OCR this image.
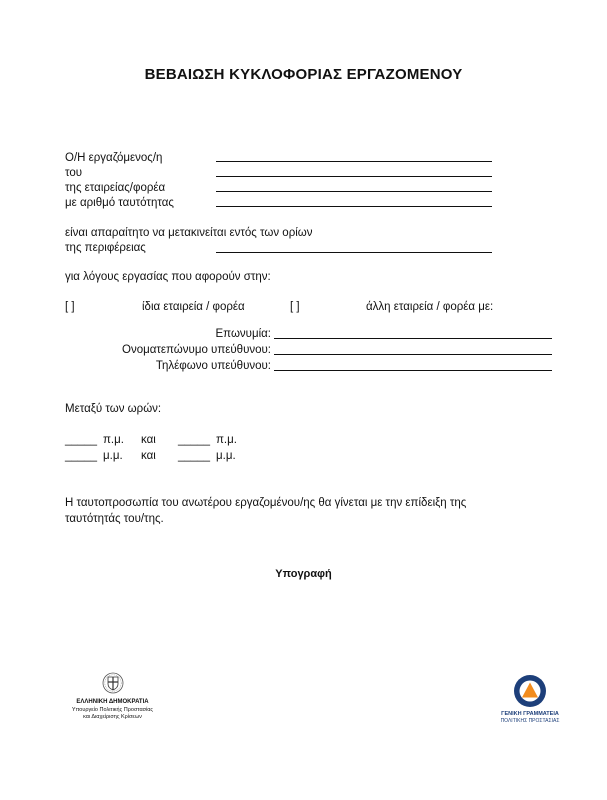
ΒΕΒΑΙΩΣΗ ΚΥΚΛΟΦΟΡΙΑΣ ΕΡΓΑΖΟΜΕΝΟΥ
Ο/Η εργαζόμενος/η
του
της εταιρείας/φορέα
με αριθμό ταυτότητας
είναι απαραίτητο να μετακινείται εντός των ορίων
της περιφέρειας
για λόγους εργασίας που αφορούν στην:
[ ]	ίδια εταιρεία / φορέα	[ ]	άλλη εταιρεία / φορέα με:
Επωνυμία:
Ονοματεπώνυμο υπεύθυνου:
Τηλέφωνο υπεύθυνου:
Μεταξύ των ωρών:
_____ π.μ. και _____ π.μ.
_____ μ.μ. και _____ μ.μ.
Η ταυτοπροσωπία του ανωτέρου εργαζομένου/ης θα γίνεται με την επίδειξη της
ταυτότητάς του/της.
Υπογραφή
ΕΛΛΗΝΙΚΗ ΔΗΜΟΚΡΑΤΙΑ
Υπουργείο Πολιτικής Προστασίας
και Διαχείρισης Κρίσεων	ΓΕΝΙΚΗ ΓΡΑΜΜΑΤΕΙΑ
ΠΟΛΙΤΙΚΗΣ ΠΡΟΣΤΑΣΙΑΣ
